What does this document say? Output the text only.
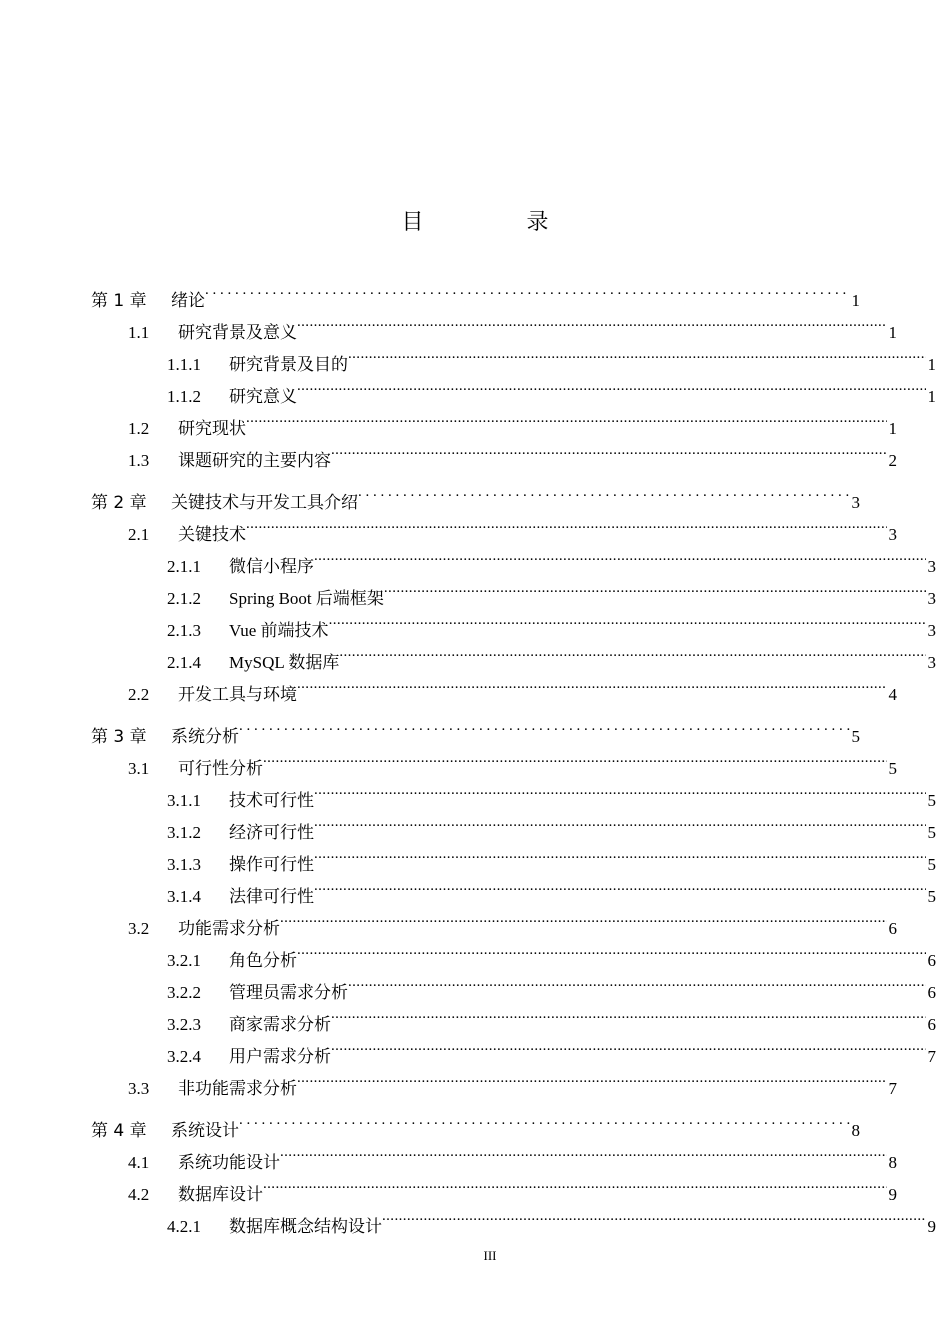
目 录
第 1 章	绪论 . . .	1
1.1	研究背景及意义 .....	1
1.1.1	研究背景及目的 .....	1
1.1.2	研究意义 .....	1
1.2	研究现状 .....	1
1.3	课题研究的主要内容 .....	2
第 2 章	关键技术与开发工具介绍 . . .	3
2.1	关键技术 .....	3
2.1.1	微信小程序 .....	3
2.1.2	Spring Boot 后端框架 .....	3
2.1.3	Vue 前端技术 .....	3
2.1.4	MySQL 数据库 .....	3
2.2	开发工具与环境 .....	4
第 3 章	系统分析 . . .	5
3.1	可行性分析 .....	5
3.1.1	技术可行性 .....	5
3.1.2	经济可行性 .....	5
3.1.3	操作可行性 .....	5
3.1.4	法律可行性 .....	5
3.2	功能需求分析 .....	6
3.2.1	角色分析 .....	6
3.2.2	管理员需求分析 .....	6
3.2.3	商家需求分析 .....	6
3.2.4	用户需求分析 .....	7
3.3	非功能需求分析 .....	7
第 4 章	系统设计 . . .	8
4.1	系统功能设计 .....	8
4.2	数据库设计 .....	9
4.2.1	数据库概念结构设计 .....	9
III
